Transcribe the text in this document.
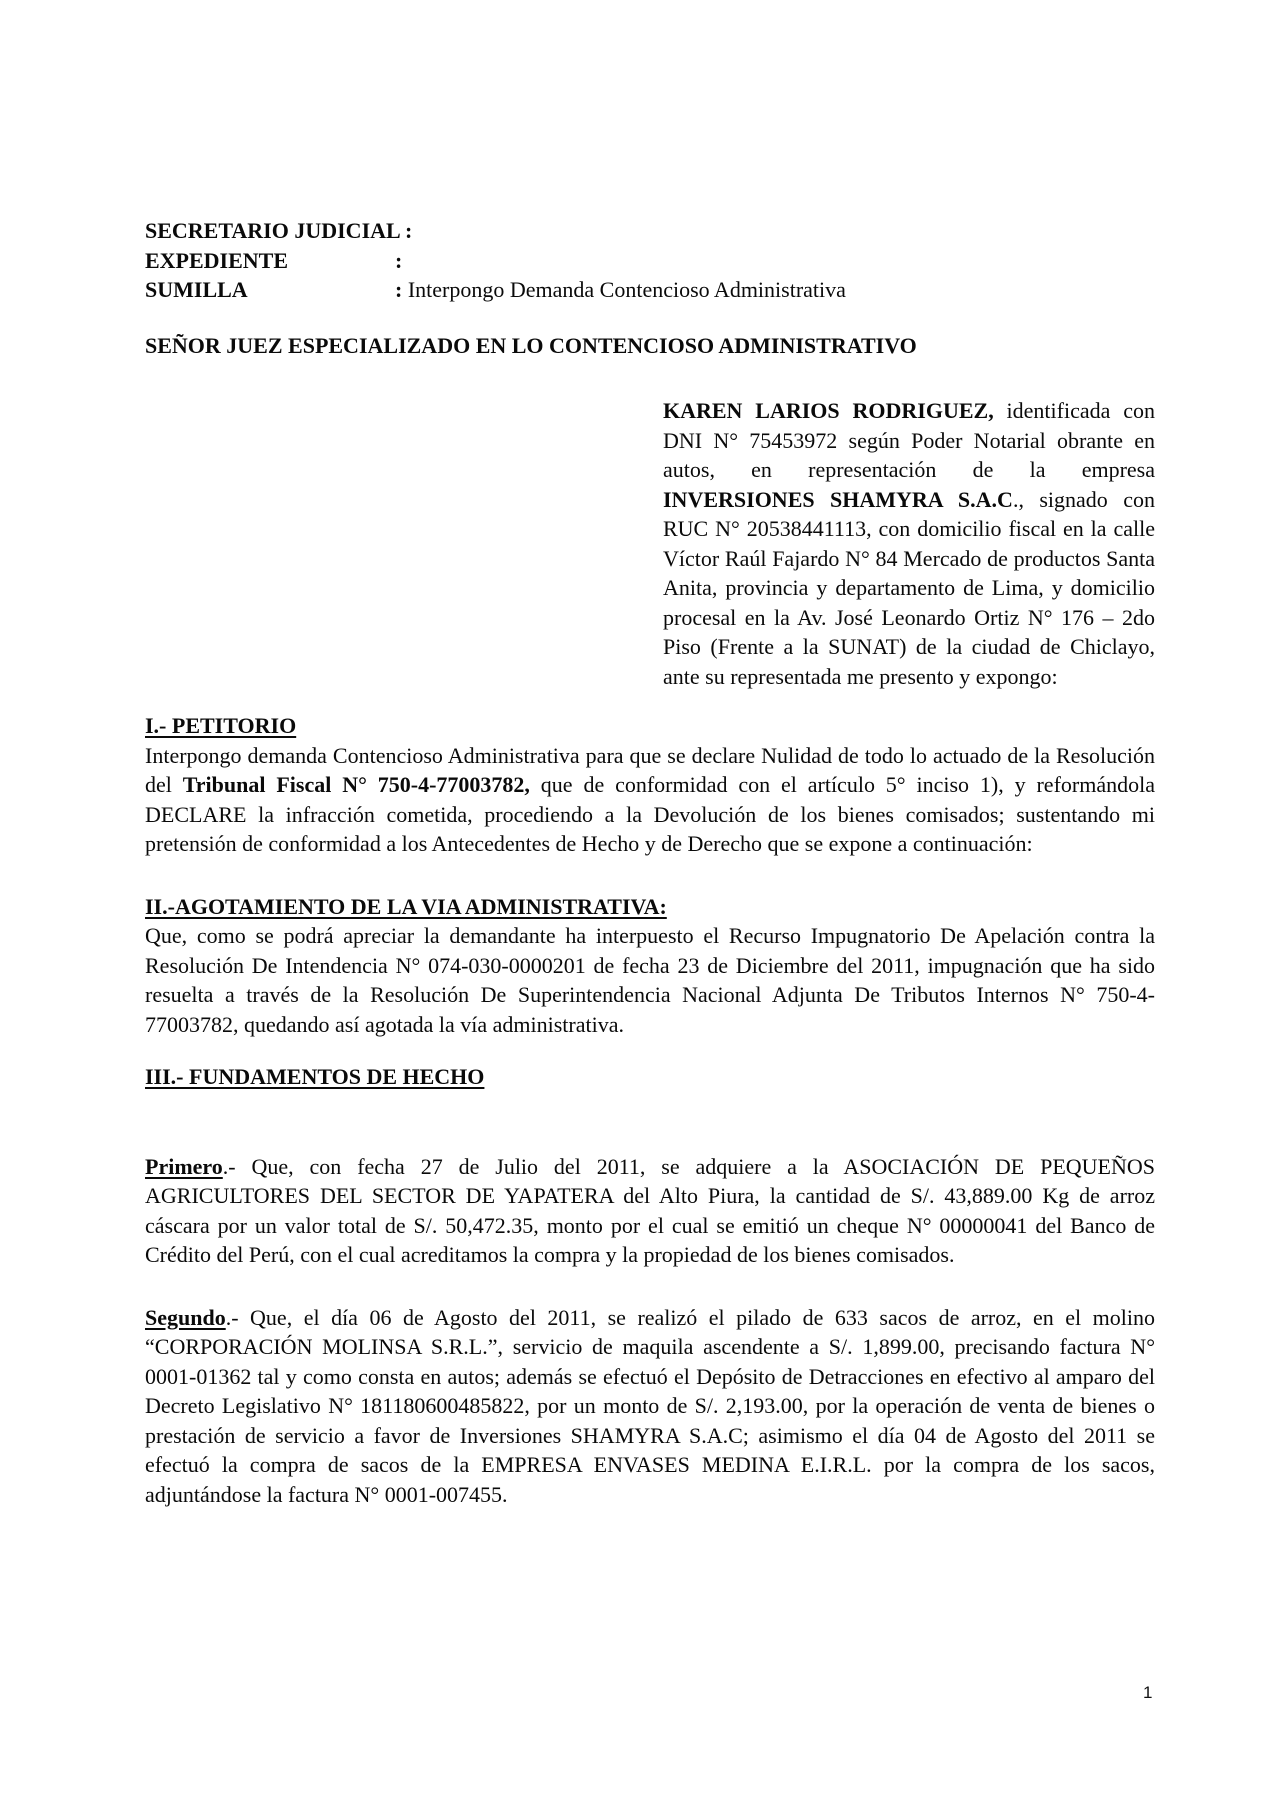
SECRETARIO JUDICIAL :

EXPEDIENTE	:

SUMILLA	: Interpongo Demanda Contencioso Administrativa

SEÑOR JUEZ ESPECIALIZADO EN LO CONTENCIOSO ADMINISTRATIVO

KAREN LARIOS RODRIGUEZ, identificada con DNI N° 75453972 según Poder Notarial obrante en autos, en representación de la empresa INVERSIONES SHAMYRA S.A.C., signado con RUC N° 20538441113, con domicilio fiscal en la calle Víctor Raúl Fajardo N° 84 Mercado de productos Santa Anita, provincia y departamento de Lima, y domicilio procesal en la Av. José Leonardo Ortiz N° 176 – 2do Piso (Frente a la SUNAT) de la ciudad de Chiclayo, ante su representada me presento y expongo:

I.- PETITORIO

Interpongo demanda Contencioso Administrativa para que se declare Nulidad de todo lo actuado de la Resolución del Tribunal Fiscal N° 750-4-77003782, que de conformidad con el artículo 5° inciso 1), y reformándola DECLARE la infracción cometida, procediendo a la Devolución de los bienes comisados; sustentando mi pretensión de conformidad a los Antecedentes de Hecho y de Derecho que se expone a continuación:

II.-AGOTAMIENTO DE LA VIA ADMINISTRATIVA:

Que, como se podrá apreciar la demandante ha interpuesto el Recurso Impugnatorio De Apelación contra la Resolución De Intendencia N° 074-030-0000201 de fecha 23 de Diciembre del 2011, impugnación que ha sido resuelta a través de la Resolución De Superintendencia Nacional Adjunta De Tributos Internos N° 750-4-77003782, quedando así agotada la vía administrativa.

III.- FUNDAMENTOS DE HECHO

Primero.- Que, con fecha 27 de Julio del 2011, se adquiere a la ASOCIACIÓN DE PEQUEÑOS AGRICULTORES DEL SECTOR DE YAPATERA del Alto Piura, la cantidad de S/. 43,889.00 Kg de arroz cáscara por un valor total de S/. 50,472.35, monto por el cual se emitió un cheque N° 00000041 del Banco de Crédito del Perú, con el cual acreditamos la compra y la propiedad de los bienes comisados.

Segundo.- Que, el día 06 de Agosto del 2011, se realizó el pilado de 633 sacos de arroz, en el molino “CORPORACIÓN MOLINSA S.R.L.”, servicio de maquila ascendente a S/. 1,899.00, precisando factura N° 0001-01362 tal y como consta en autos; además se efectuó el Depósito de Detracciones en efectivo al amparo del Decreto Legislativo N° 181180600485822, por un monto de S/. 2,193.00, por la operación de venta de bienes o prestación de servicio a favor de Inversiones SHAMYRA S.A.C; asimismo el día 04 de Agosto del 2011 se efectuó la compra de sacos de la EMPRESA ENVASES MEDINA E.I.R.L. por la compra de los sacos, adjuntándose la factura N° 0001-007455.

1
